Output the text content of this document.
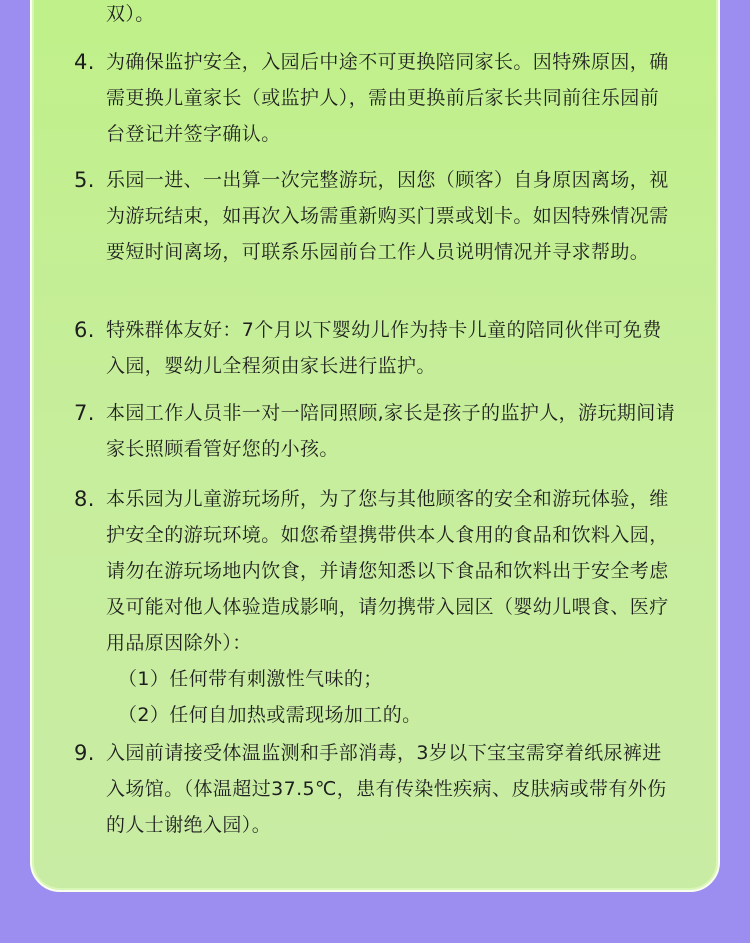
双）。

4. 为确保监护安全，入园后中途不可更换陪同家长。因特殊原因，确需更换儿童家长（或监护人），需由更换前后家长共同前往乐园前台登记并签字确认。

5. 乐园一进、一出算一次完整游玩，因您（顾客）自身原因离场，视为游玩结束，如再次入场需重新购买门票或划卡。如因特殊情况需要短时间离场，可联系乐园前台工作人员说明情况并寻求帮助。

6. 特殊群体友好：7个月以下婴幼儿作为持卡儿童的陪同伙伴可免费入园，婴幼儿全程须由家长进行监护。

7. 本园工作人员非一对一陪同照顾,家长是孩子的监护人，游玩期间请家长照顾看管好您的小孩。

8. 本乐园为儿童游玩场所，为了您与其他顾客的安全和游玩体验，维护安全的游玩环境。如您希望携带供本人食用的食品和饮料入园，请勿在游玩场地内饮食，并请您知悉以下食品和饮料出于安全考虑及可能对他人体验造成影响，请勿携带入园区（婴幼儿喂食、医疗用品原因除外）：
（1）任何带有刺激性气味的；
（2）任何自加热或需现场加工的。
9. 入园前请接受体温监测和手部消毒，3岁以下宝宝需穿着纸尿裤进入场馆。（体温超过37.5℃，患有传染性疾病、皮肤病或带有外伤的人士谢绝入园）。
